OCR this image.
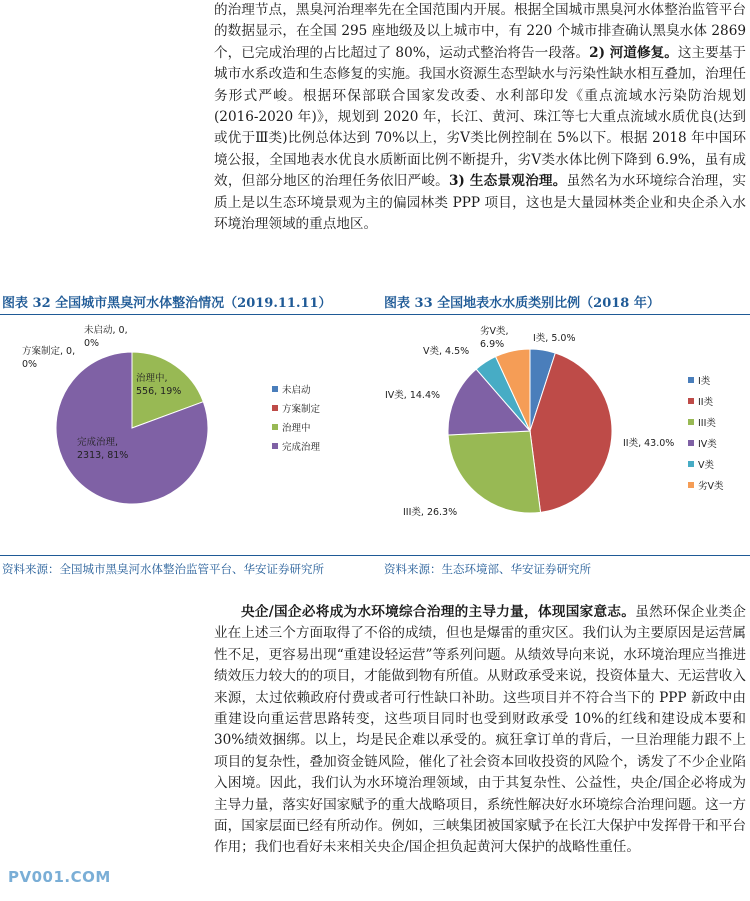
的治理节点，黑臭河治理率先在全国范围内开展。根据全国城市黑臭河水体整治监管平台的数据显示，在全国 295 座地级及以上城市中，有 220 个城市排查确认黑臭水体 2869 个，已完成治理的占比超过了 80%，运动式整治将告一段落。2) 河道修复。这主要基于城市水系改造和生态修复的实施。我国水资源生态型缺水与污染性缺水相互叠加，治理任务形式严峻。根据环保部联合国家发改委、水利部印发《重点流域水污染防治规划(2016-2020 年)》，规划到 2020 年，长江、黄河、珠江等七大重点流域水质优良(达到或优于Ⅲ类)比例总体达到 70%以上，劣Ⅴ类比例控制在 5%以下。根据 2018 年中国环境公报，全国地表水优良水质断面比例不断提升，劣Ⅴ类水体比例下降到 6.9%，虽有成效，但部分地区的治理任务依旧严峻。3) 生态景观治理。虽然名为水环境综合治理，实质上是以生态环境景观为主的偏园林类 PPP 项目，这也是大量园林类企业和央企杀入水环境治理领域的重点地区。
图表 32 全国城市黑臭河水体整治情况（2019.11.11）	图表 33 全国地表水水质类别比例（2018 年）
未启动, 0, 0%
方案制定, 0, 0%
治理中, 556, 19%
完成治理, 2313, 81%
未启动
方案制定
治理中
完成治理
I类, 5.0%
II类, 43.0%
III类, 26.3%
IV类, 14.4%
V类, 4.5%
劣V类, 6.9%
I类
II类
III类
IV类
V类
劣V类
资料来源：全国城市黑臭河水体整治监管平台、华安证券研究所	资料来源：生态环境部、华安证券研究所
央企/国企必将成为水环境综合治理的主导力量，体现国家意志。虽然环保企业类企业在上述三个方面取得了不俗的成绩，但也是爆雷的重灾区。我们认为主要原因是运营属性不足，更容易出现“重建设轻运营”等系列问题。从绩效导向来说，水环境治理应当推进绩效压力较大的的项目，才能做到物有所值。从财政承受来说，投资体量大、无运营收入来源，太过依赖政府付费或者可行性缺口补助。这些项目并不符合当下的 PPP 新政中由重建设向重运营思路转变，这些项目同时也受到财政承受 10%的红线和建设成本要和 30%绩效捆绑。以上，均是民企难以承受的。疯狂拿订单的背后，一旦治理能力跟不上项目的复杂性，叠加资金链风险，催化了社会资本回收投资的风险个，诱发了不少企业陷入困境。因此，我们认为水环境治理领域，由于其复杂性、公益性，央企/国企必将成为主导力量，落实好国家赋予的重大战略项目，系统性解决好水环境综合治理问题。这一方面，国家层面已经有所动作。例如，三峡集团被国家赋予在长江大保护中发挥骨干和平台作用；我们也看好未来相关央企/国企担负起黄河大保护的战略性重任。
PV001.COM
